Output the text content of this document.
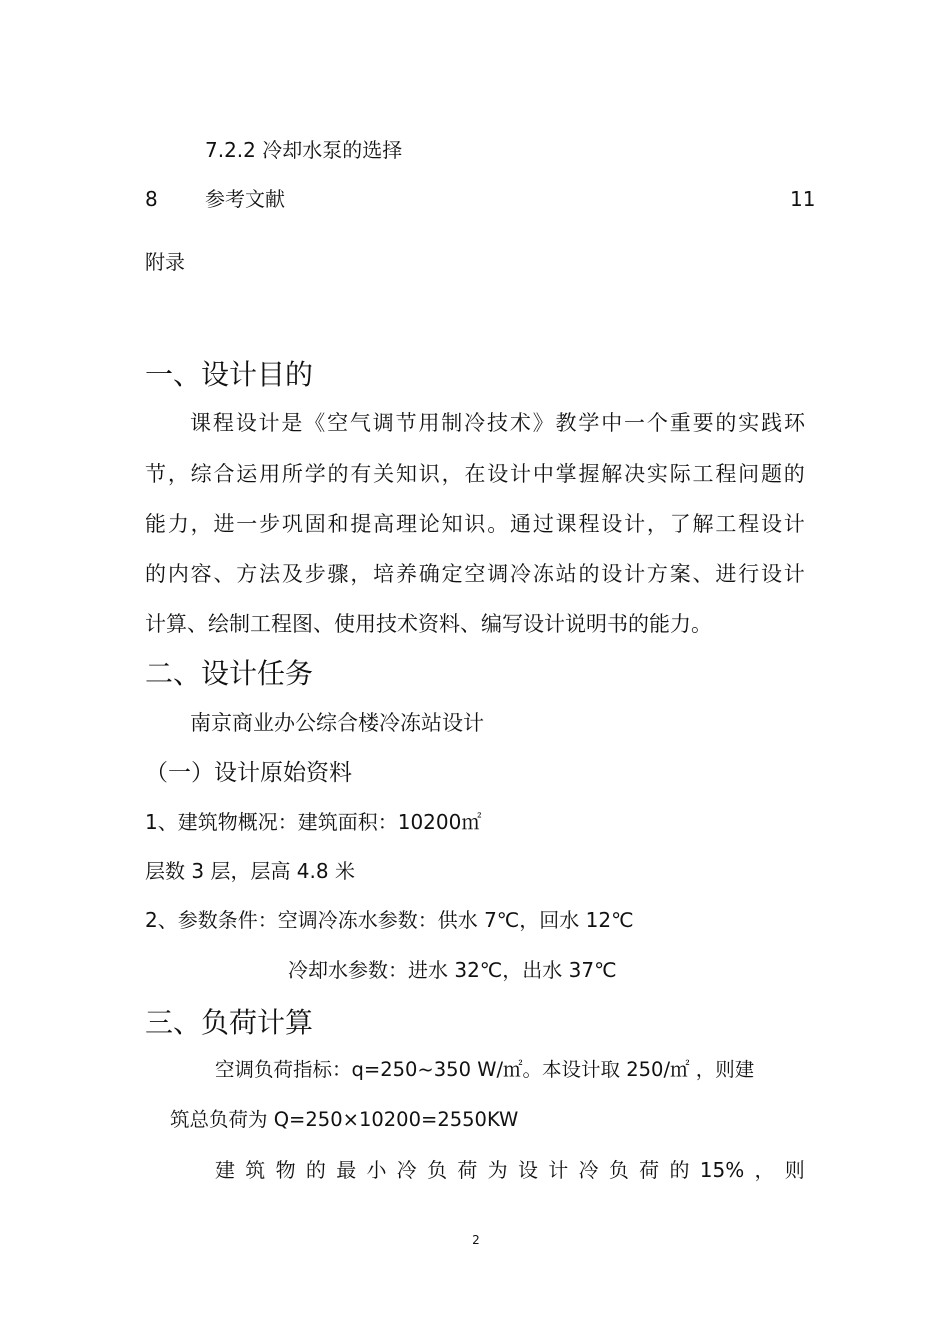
7.2.2 冷却水泵的选择
8 参考文献	11
附录
一、设计目的
课 程 设 计 是 《 空 气 调 节 用 制 冷 技 术 》 教 学 中 一 个 重 要 的 实 践 环
节 ， 综 合 运 用 所 学 的 有 关 知 识 ， 在 设 计 中 掌 握 解 决 实 际 工 程 问 题 的
能 力 ， 进 一 步 巩 固 和 提 高 理 论 知 识 。 通 过 课 程 设 计 ， 了 解 工 程 设 计
的 内 容 、 方 法 及 步 骤 ， 培 养 确 定 空 调 冷 冻 站 的 设 计 方 案 、 进 行 设 计
计算、绘制工程图、使用技术资料、编写设计说明书的能力。
二、设计任务
南京商业办公综合楼冷冻站设计
（一）设计原始资料
1、建筑物概况：建筑面积：10200㎡
层数 3 层，层高 4.8 米
2、参数条件：空调冷冻水参数：供水 7℃，回水 12℃
冷却水参数：进水 32℃，出水 37℃
三、负荷计算
空调负荷指标：q=250~350 W/㎡。本设计取 250/㎡ ，则建
筑总负荷为 Q=250×10200=2550KW
建 筑 物 的 最 小 冷 负 荷 为 设 计 冷 负 荷 的 15% ， 则
2
